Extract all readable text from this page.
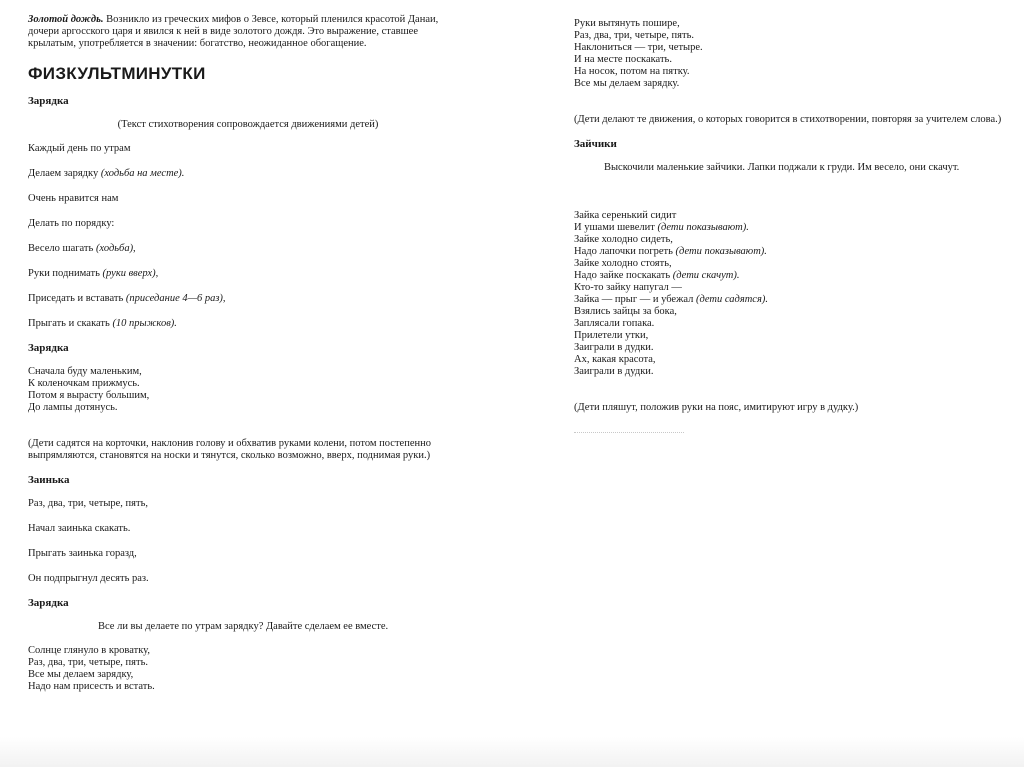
Золотой дождь. Возникло из греческих мифов о Зевсе, который пленился красотой Данаи, дочери аргосского царя и явился к ней в виде золотого дождя. Это выражение, ставшее крылатым, употребляется в значении: богатство, неожиданное обогащение.

ФИЗКУЛЬТМИНУТКИ
Зарядка

(Текст стихотворения сопровождается движениями детей)

Каждый день по утрам

Делаем зарядку (ходьба на месте).

Очень нравится нам

Делать по порядку:

Весело шагать (ходьба),

Руки поднимать (руки вверх),

Приседать и вставать (приседание 4—6 раз),

Прыгать и скакать (10 прыжков).

Зарядка

Сначала буду маленьким,

К коленочкам прижмусь.

Потом я вырасту большим,

До лампы дотянусь.

(Дети садятся на корточки, наклонив голову и обхватив руками колени, потом постепенно выпрямляются, становятся на носки и тянутся, сколько возможно, вверх, поднимая руки.)

Заинька

Раз, два, три, четыре, пять,

Начал заинька скакать.

Прыгать заинька горазд,

Он подпрыгнул десять раз.

Зарядка

Все ли вы делаете по утрам зарядку? Давайте сделаем ее вместе.

Солнце глянуло в кроватку,

Раз, два, три, четыре, пять.

Все мы делаем зарядку,

Надо нам присесть и встать.

Руки вытянуть пошире,

Раз, два, три, четыре, пять.

Наклониться — три, четыре.

И на месте поскакать.

На носок, потом на пятку.

Все мы делаем зарядку.

(Дети делают те движения, о которых говорится в стихотворении, повторяя за учителем слова.)

Зайчики

Выскочили маленькие зайчики. Лапки поджали к груди. Им весело, они скачут.

Зайка серенький сидит

И ушами шевелит (дети показывают).

Зайке холодно сидеть,

Надо лапочки погреть (дети показывают).

Зайке холодно стоять,

Надо зайке поскакать (дети скачут).

Кто-то зайку напугал —

Зайка — прыг — и убежал (дети садятся).

Взялись зайцы за бока,

Заплясали гопака.

Прилетели утки,

Заиграли в дудки.

Ах, какая красота,

Заиграли в дудки.

(Дети пляшут, положив руки на пояс, имитируют игру в дудку.)
